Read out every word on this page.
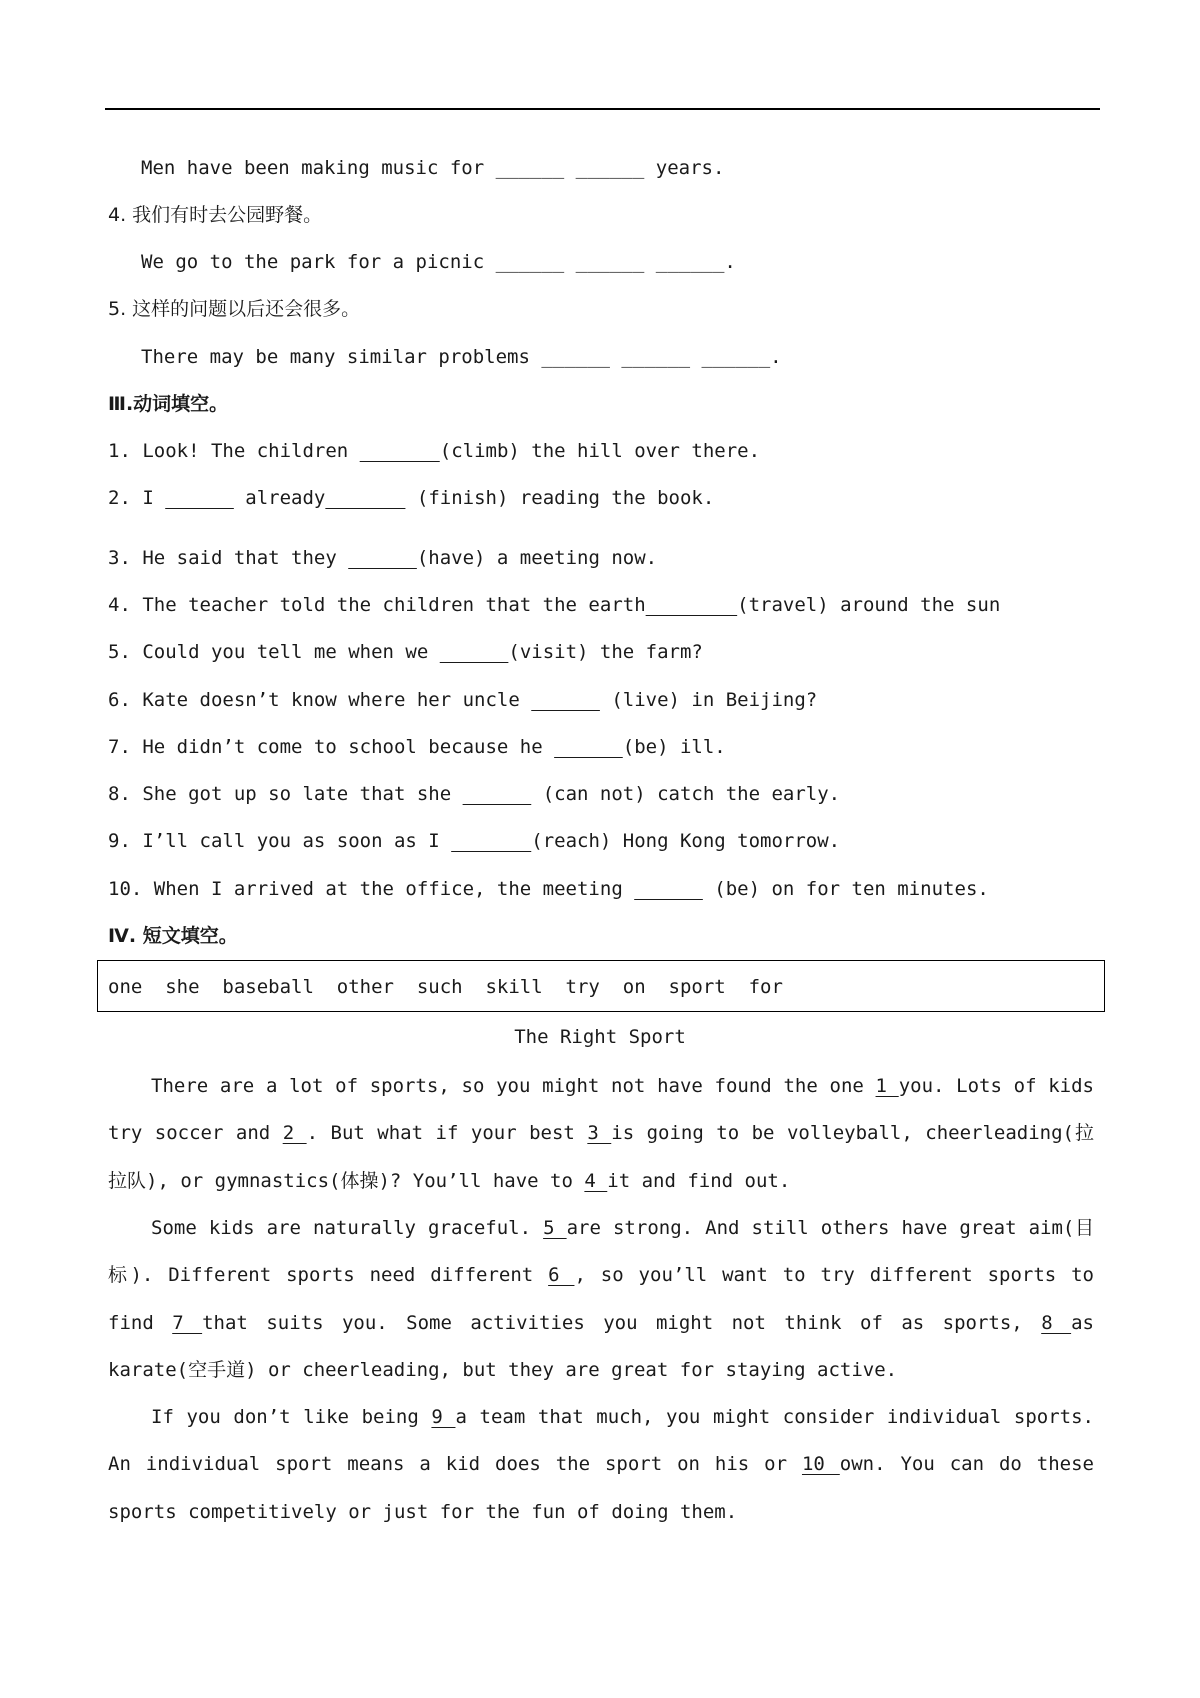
Men have been making music for ______ ______ years.
4. 我们有时去公园野餐。
We go to the park for a picnic ______ ______ ______.
5. 这样的问题以后还会很多。
There may be many similar problems ______ ______ ______.
Ⅲ.动词填空。
1. Look! The children	(climb) the hill over there.
2. I	already	(finish) reading the book.
3. He said that they	(have) a meeting now.
4. The teacher told the children that the earth	(travel) around the sun
5. Could you tell me when we	(visit) the farm?
6. Kate doesn’t know where her uncle	(live) in Beijing?
7. He didn’t come to school because he	(be) ill.
8. She got up so late that she	(can not) catch the early.
9. I’ll call you as soon as I	(reach) Hong Kong tomorrow.
10. When I arrived at the office, the meeting	(be) on for ten minutes.
Ⅳ. 短文填空。
one  she  baseball  other  such  skill  try  on  sport  for
The Right Sport

There are a lot of sports, so you might not have found the one 1 you. Lots of kids try soccer and 2 . But what if your best 3 is going to be volleyball, cheerleading(拉拉队), or gymnastics(体操)? You’ll have to 4 it and find out.

Some kids are naturally graceful. 5 are strong. And still others have great aim(目标). Different sports need different 6 , so you’ll want to try different sports to find 7 that suits you. Some activities you might not think of as sports, 8 as karate(空手道) or cheerleading, but they are great for staying active.

If you don’t like being 9 a team that much, you might consider individual sports. An individual sport means a kid does the sport on his or 10 own. You can do these sports competitively or just for the fun of doing them.
